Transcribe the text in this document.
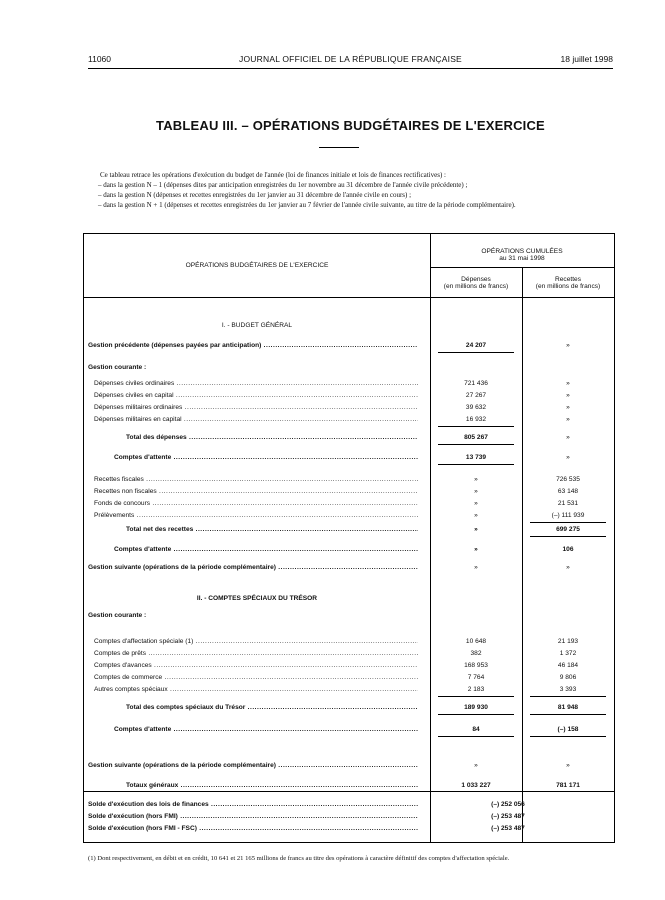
11060	JOURNAL OFFICIEL DE LA RÉPUBLIQUE FRANÇAISE	18 juillet 1998
TABLEAU III. – OPÉRATIONS BUDGÉTAIRES DE L'EXERCICE

Ce tableau retrace les opérations d'exécution du budget de l'année (loi de finances initiale et lois de finances rectificatives) :

– dans la gestion N – 1 (dépenses dites par anticipation enregistrées du 1er novembre au 31 décembre de l'année civile précédente) ;

– dans la gestion N (dépenses et recettes enregistrées du 1er janvier au 31 décembre de l'année civile en cours) ;

– dans la gestion N + 1 (dépenses et recettes enregistrées du 1er janvier au 7 février de l'année civile suivante, au titre de la période complémentaire).

OPÉRATIONS BUDGÉTAIRES DE L'EXERCICE
OPÉRATIONS CUMULÉES
au 31 mai 1998
Dépenses
(en millions de francs)
Recettes
(en millions de francs)
I. - BUDGET GÉNÉRAL
II. - COMPTES SPÉCIAUX DU TRÉSOR
Gestion précédente (dépenses payées par anticipation) .....	24 207	»
Gestion courante :
Dépenses civiles ordinaires .....	721 436	»
Dépenses civiles en capital .....	27 267	»
Dépenses militaires ordinaires .....	39 632	»
Dépenses militaires en capital .....	16 932	»
Total des dépenses .....	805 267	»
Comptes d'attente .....	13 739	»
Recettes fiscales .....	»	726 535
Recettes non fiscales .....	»	63 148
Fonds de concours .....	»	21 531
Prélèvements .....	»	(–) 111 939
Total net des recettes .....	»	699 275
Comptes d'attente .....	»	106
Gestion suivante (opérations de la période complémentaire) .....	»	»
Gestion courante :
Comptes d'affectation spéciale (1) .....	10 648	21 193
Comptes de prêts .....	382	1 372
Comptes d'avances .....	168 953	46 184
Comptes de commerce .....	7 764	9 806
Autres comptes spéciaux .....	2 183	3 393
Total des comptes spéciaux du Trésor .....	189 930	81 948
Comptes d'attente .....	84	(–) 158
Gestion suivante (opérations de la période complémentaire) .....	»	»
Totaux généraux .....	1 033 227	781 171
Solde d'exécution des lois de finances .....	(–) 252 056
Solde d'exécution (hors FMI) .....	(–) 253 487
Solde d'exécution (hors FMI - FSC) .....	(–) 253 487
(1) Dont respectivement, en débit et en crédit, 10 641 et 21 165 millions de francs au titre des opérations à caractère définitif des comptes d'affectation spéciale.
